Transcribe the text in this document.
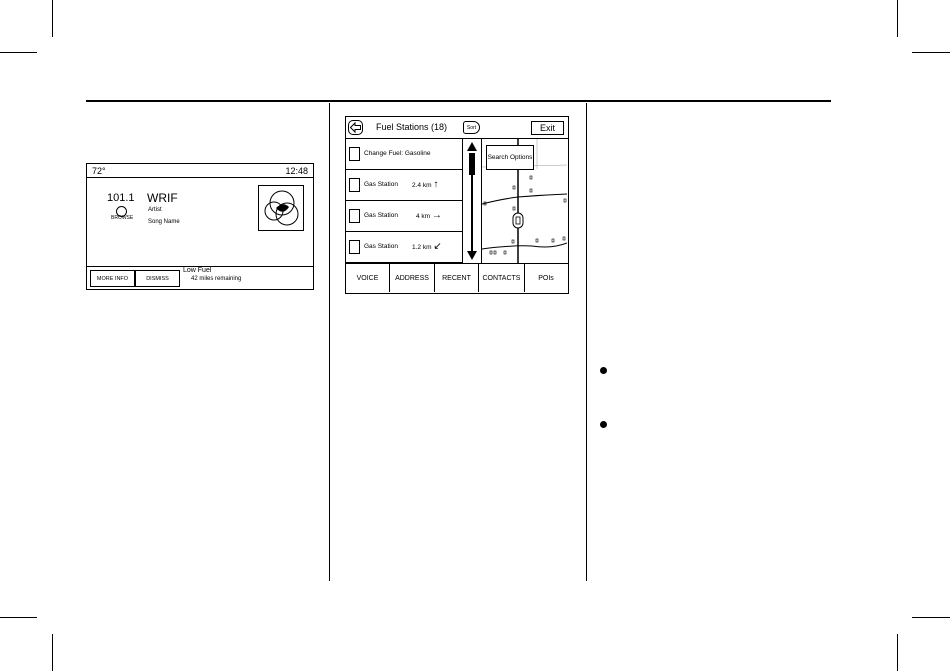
72°	12:48
101.1
BROWSE
WRIF
Artist
Song Name
MORE INFO	DISMISS
Low Fuel
42 miles remaining
Fuel Stations (18)	Sort	Exit
Change Fuel: Gasoline
Gas Station 2.4 km ↑
Gas Station	4 km →
Gas Station 1.2 km ↙
Search Options
VOICE	ADDRESS	RECENT	CONTACTS	POIs
